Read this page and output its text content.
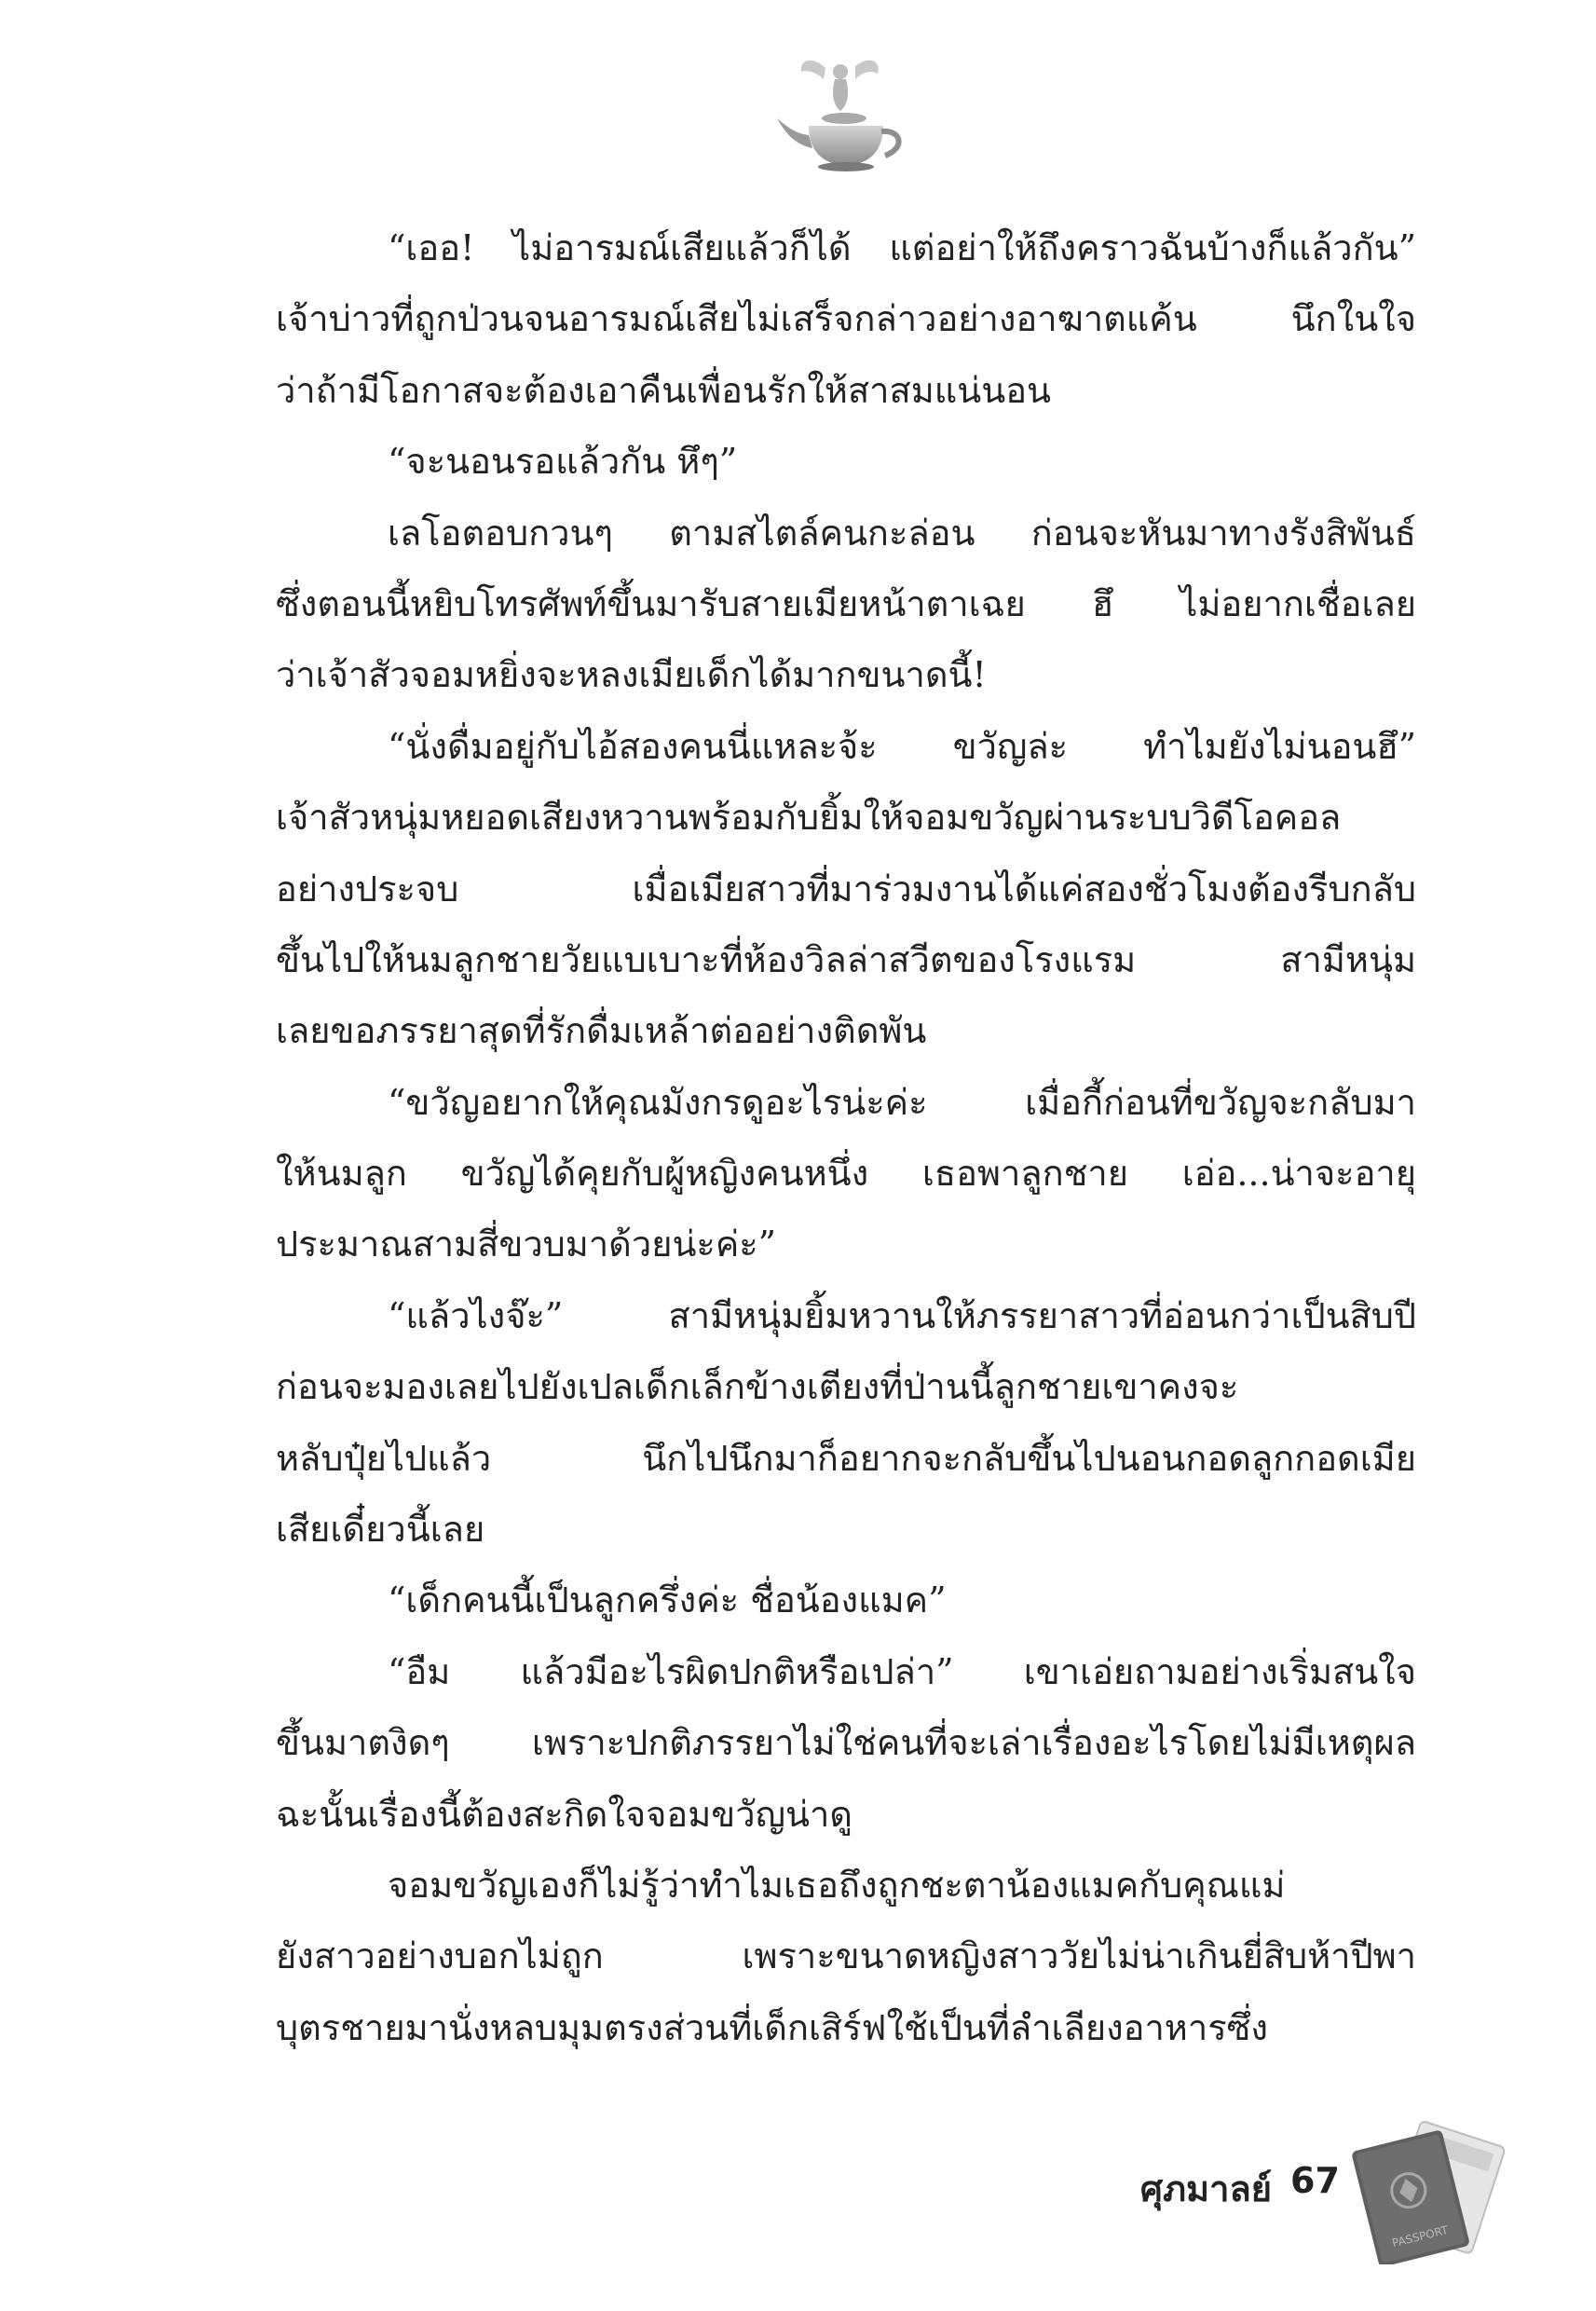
“เออ! ไม่อารมณ์เสียแล้วก็ได้ แต่อย่าให้ถึงคราวฉันบ้างก็แล้วกัน”
เจ้าบ่าวที่ถูกป่วนจนอารมณ์เสียไม่เสร็จกล่าวอย่างอาฆาตแค้น นึกในใจ
ว่าถ้ามีโอกาสจะต้องเอาคืนเพื่อนรักให้สาสมแน่นอน
“จะนอนรอแล้วกัน หึๆ”
เลโอตอบกวนๆ ตามสไตล์คนกะล่อน ก่อนจะหันมาทางรังสิพันธ์
ซึ่งตอนนี้หยิบโทรศัพท์ขึ้นมารับสายเมียหน้าตาเฉย ฮึ ไม่อยากเชื่อเลย
ว่าเจ้าสัวจอมหยิ่งจะหลงเมียเด็กได้มากขนาดนี้!
“นั่งดื่มอยู่กับไอ้สองคนนี่แหละจ้ะ ขวัญล่ะ ทำไมยังไม่นอนฮึ”
เจ้าสัวหนุ่มหยอดเสียงหวานพร้อมกับยิ้มให้จอมขวัญผ่านระบบวิดีโอคอล
อย่างประจบ เมื่อเมียสาวที่มาร่วมงานได้แค่สองชั่วโมงต้องรีบกลับ
ขึ้นไปให้นมลูกชายวัยแบเบาะที่ห้องวิลล่าสวีตของโรงแรม สามีหนุ่ม
เลยขอภรรยาสุดที่รักดื่มเหล้าต่ออย่างติดพัน
“ขวัญอยากให้คุณมังกรดูอะไรน่ะค่ะ เมื่อกี้ก่อนที่ขวัญจะกลับมา
ให้นมลูก ขวัญได้คุยกับผู้หญิงคนหนึ่ง เธอพาลูกชาย เอ่อ...น่าจะอายุ
ประมาณสามสี่ขวบมาด้วยน่ะค่ะ”
“แล้วไงจ๊ะ” สามีหนุ่มยิ้มหวานให้ภรรยาสาวที่อ่อนกว่าเป็นสิบปี
ก่อนจะมองเลยไปยังเปลเด็กเล็กข้างเตียงที่ป่านนี้ลูกชายเขาคงจะ
หลับปุ๋ยไปแล้ว นึกไปนึกมาก็อยากจะกลับขึ้นไปนอนกอดลูกกอดเมีย
เสียเดี๋ยวนี้เลย
“เด็กคนนี้เป็นลูกครึ่งค่ะ ชื่อน้องแมค”
“อืม แล้วมีอะไรผิดปกติหรือเปล่า” เขาเอ่ยถามอย่างเริ่มสนใจ
ขึ้นมาตงิดๆ เพราะปกติภรรยาไม่ใช่คนที่จะเล่าเรื่องอะไรโดยไม่มีเหตุผล
ฉะนั้นเรื่องนี้ต้องสะกิดใจจอมขวัญน่าดู
จอมขวัญเองก็ไม่รู้ว่าทำไมเธอถึงถูกชะตาน้องแมคกับคุณแม่
ยังสาวอย่างบอกไม่ถูก เพราะขนาดหญิงสาววัยไม่น่าเกินยี่สิบห้าปีพา
บุตรชายมานั่งหลบมุมตรงส่วนที่เด็กเสิร์ฟใช้เป็นที่ลำเลียงอาหารซึ่ง
ศุภมาลย์ 67
PASSPORT
